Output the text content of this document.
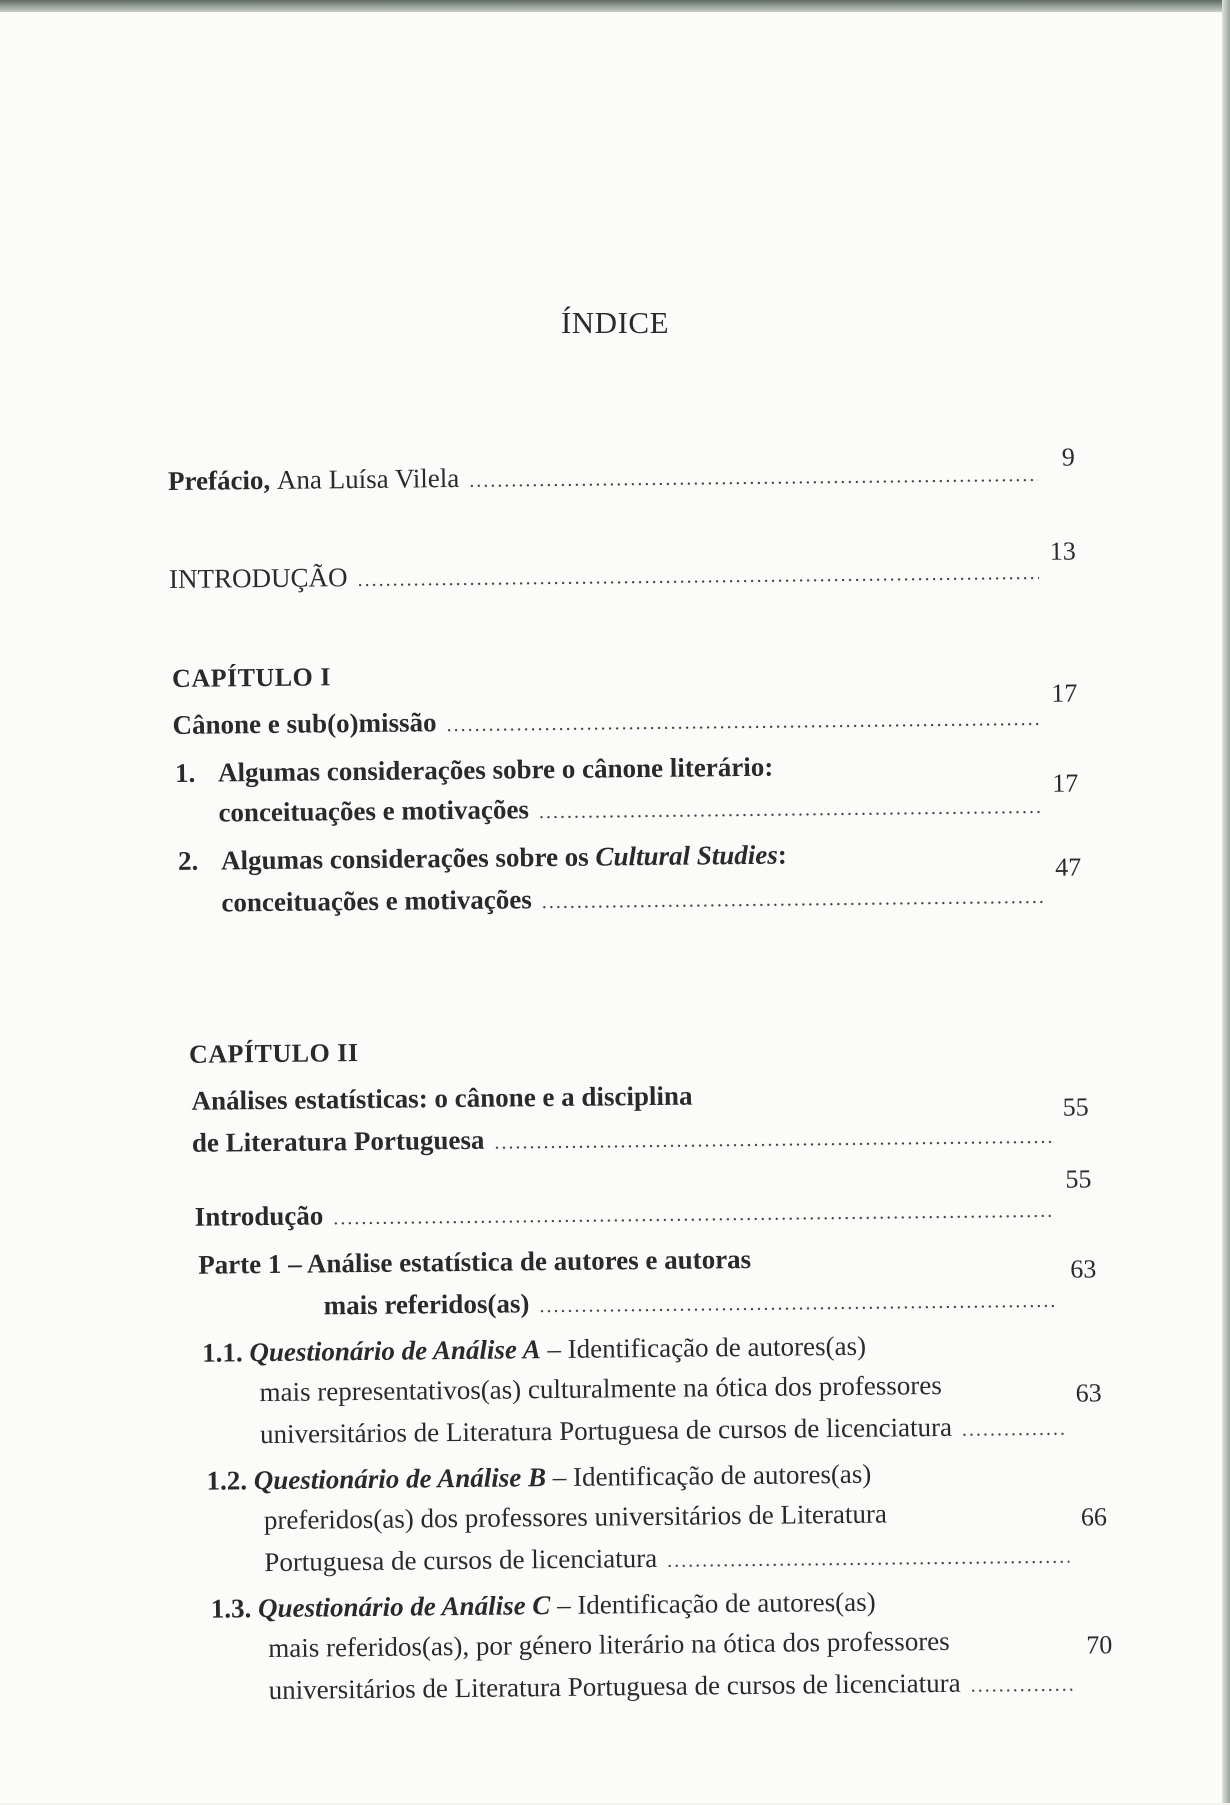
ÍNDICE
Prefácio,
Ana Luísa Vilela
.....
9
INTRODUÇÃO
.....
13
CAPÍTULO I
Cânone e sub(o)missão
.....
17
1. Algumas considerações sobre o cânone literário:
conceituações e motivações
.....
17
2. Algumas considerações sobre os Cultural Studies:
conceituações e motivações
.....
47
CAPÍTULO II
Análises estatísticas: o cânone e a disciplina
de Literatura Portuguesa
.....
55
Introdução
.....
55
Parte 1 – Análise estatística de autores e autoras
mais referidos(as)
.....
63
1.1. Questionário de Análise A – Identificação de autores(as)
mais representativos(as) culturalmente na ótica dos professores
universitários de Literatura Portuguesa de cursos de licenciatura
.....
63
1.2. Questionário de Análise B – Identificação de autores(as)
preferidos(as) dos professores universitários de Literatura
Portuguesa de cursos de licenciatura
.....
66
1.3. Questionário de Análise C – Identificação de autores(as)
mais referidos(as), por género literário na ótica dos professores
universitários de Literatura Portuguesa de cursos de licenciatura
.....
70
